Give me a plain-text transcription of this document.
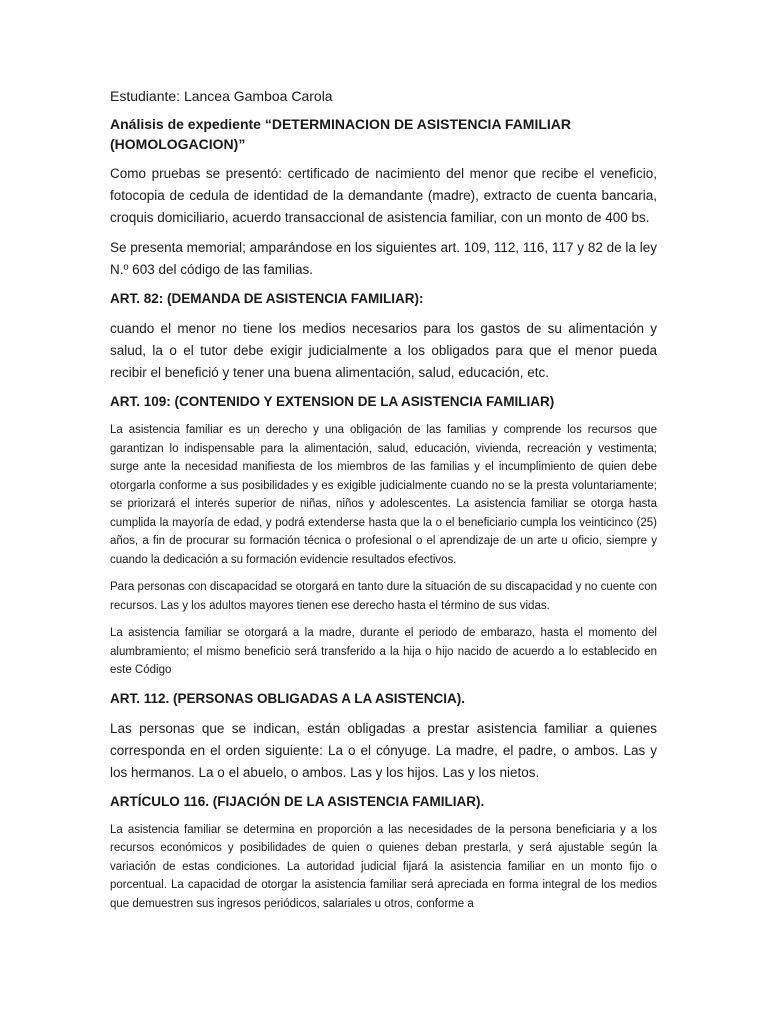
Estudiante: Lancea Gamboa Carola

Análisis de expediente “DETERMINACION DE ASISTENCIA FAMILIAR (HOMOLOGACION)”

Como pruebas se presentó: certificado de nacimiento del menor que recibe el veneficio, fotocopia de cedula de identidad de la demandante (madre), extracto de cuenta bancaria, croquis domiciliario, acuerdo transaccional de asistencia familiar, con un monto de 400 bs.

Se presenta memorial; amparándose en los siguientes art. 109, 112, 116, 117 y 82 de la ley N.º 603 del código de las familias.

ART. 82: (DEMANDA DE ASISTENCIA FAMILIAR):

cuando el menor no tiene los medios necesarios para los gastos de su alimentación y salud, la o el tutor debe exigir judicialmente a los obligados para que el menor pueda recibir el benefició y tener una buena alimentación, salud, educación, etc.

ART. 109: (CONTENIDO Y EXTENSION DE LA ASISTENCIA FAMILIAR)

La asistencia familiar es un derecho y una obligación de las familias y comprende los recursos que garantizan lo indispensable para la alimentación, salud, educación, vivienda, recreación y vestimenta; surge ante la necesidad manifiesta de los miembros de las familias y el incumplimiento de quien debe otorgarla conforme a sus posibilidades y es exigible judicialmente cuando no se la presta voluntariamente; se priorizará el interés superior de niñas, niños y adolescentes. La asistencia familiar se otorga hasta cumplida la mayoría de edad, y podrá extenderse hasta que la o el beneficiario cumpla los veinticinco (25) años, a fin de procurar su formación técnica o profesional o el aprendizaje de un arte u oficio, siempre y cuando la dedicación a su formación evidencie resultados efectivos.

Para personas con discapacidad se otorgará en tanto dure la situación de su discapacidad y no cuente con recursos. Las y los adultos mayores tienen ese derecho hasta el término de sus vidas.

La asistencia familiar se otorgará a la madre, durante el periodo de embarazo, hasta el momento del alumbramiento; el mismo beneficio será transferido a la hija o hijo nacido de acuerdo a lo establecido en este Código

ART. 112. (PERSONAS OBLIGADAS A LA ASISTENCIA).

Las personas que se indican, están obligadas a prestar asistencia familiar a quienes corresponda en el orden siguiente: La o el cónyuge. La madre, el padre, o ambos. Las y los hermanos. La o el abuelo, o ambos. Las y los hijos. Las y los nietos.

ARTÍCULO 116. (FIJACIÓN DE LA ASISTENCIA FAMILIAR).

La asistencia familiar se determina en proporción a las necesidades de la persona beneficiaria y a los recursos económicos y posibilidades de quien o quienes deban prestarla, y será ajustable según la variación de estas condiciones. La autoridad judicial fijará la asistencia familiar en un monto fijo o porcentual. La capacidad de otorgar la asistencia familiar será apreciada en forma integral de los medios que demuestren sus ingresos periódicos, salariales u otros, conforme a
